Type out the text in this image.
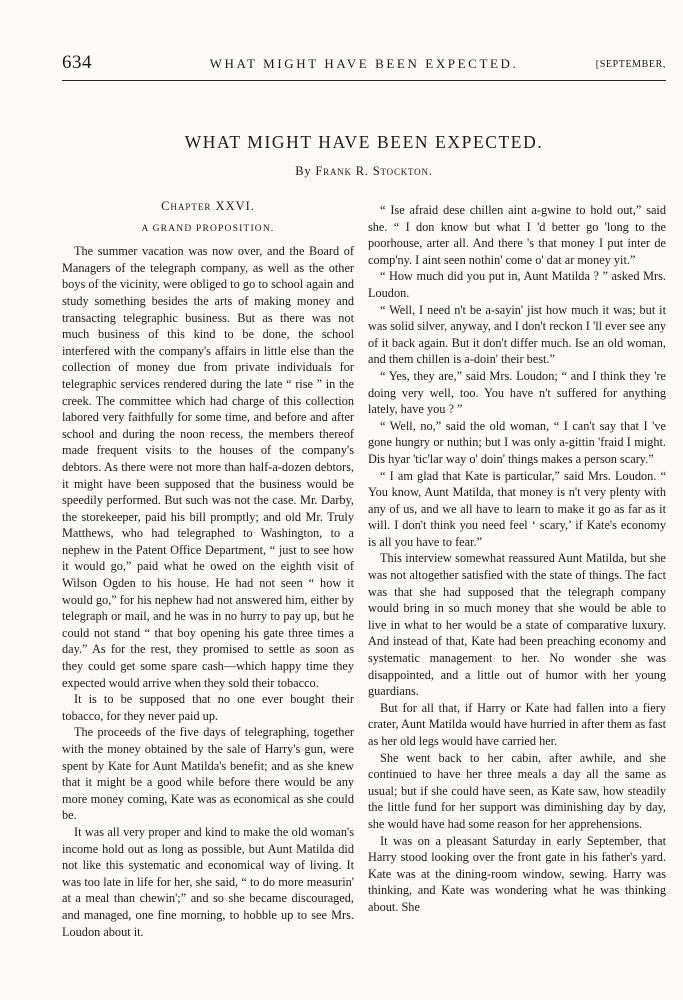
634	WHAT MIGHT HAVE BEEN EXPECTED.	[SEPTEMBER,
WHAT MIGHT HAVE BEEN EXPECTED.
By Frank R. Stockton.
Chapter XXVI.
A GRAND PROPOSITION.

The summer vacation was now over, and the Board of Managers of the telegraph company, as well as the other boys of the vicinity, were obliged to go to school again and study something besides the arts of making money and transacting telegraphic business. But as there was not much business of this kind to be done, the school interfered with the company's affairs in little else than the collection of money due from private individuals for telegraphic services rendered during the late “ rise ” in the creek. The committee which had charge of this collection labored very faithfully for some time, and before and after school and during the noon recess, the members thereof made frequent visits to the houses of the company's debtors. As there were not more than half-a-dozen debtors, it might have been supposed that the business would be speedily performed. But such was not the case. Mr. Darby, the storekeeper, paid his bill promptly; and old Mr. Truly Matthews, who had telegraphed to Washington, to a nephew in the Patent Office Department, “ just to see how it would go,” paid what he owed on the eighth visit of Wilson Ogden to his house. He had not seen “ how it would go,” for his nephew had not answered him, either by telegraph or mail, and he was in no hurry to pay up, but he could not stand “ that boy opening his gate three times a day.” As for the rest, they promised to settle as soon as they could get some spare cash—which happy time they expected would arrive when they sold their tobacco.

It is to be supposed that no one ever bought their tobacco, for they never paid up.

The proceeds of the five days of telegraphing, together with the money obtained by the sale of Harry's gun, were spent by Kate for Aunt Matilda's benefit; and as she knew that it might be a good while before there would be any more money coming, Kate was as economical as she could be.

It was all very proper and kind to make the old woman's income hold out as long as possible, but Aunt Matilda did not like this systematic and economical way of living. It was too late in life for her, she said, “ to do more measurin' at a meal than chewin';” and so she became discouraged, and managed, one fine morning, to hobble up to see Mrs. Loudon about it.

“ Ise afraid dese chillen aint a-gwine to hold out,” said she. “ I don know but what I 'd better go 'long to the poorhouse, arter all. And there 's that money I put inter de comp'ny. I aint seen nothin' come o' dat ar money yit.”

“ How much did you put in, Aunt Matilda ? ” asked Mrs. Loudon.

“ Well, I need n't be a-sayin' jist how much it was; but it was solid silver, anyway, and I don't reckon I 'll ever see any of it back again. But it don't differ much. Ise an old woman, and them chillen is a-doin' their best.”

“ Yes, they are,” said Mrs. Loudon; “ and I think they 're doing very well, too. You have n't suffered for anything lately, have you ? ”

“ Well, no,” said the old woman, “ I can't say that I 've gone hungry or nuthin; but I was only a-gittin 'fraid I might. Dis hyar 'tic'lar way o' doin' things makes a person scary.”

“ I am glad that Kate is particular,” said Mrs. Loudon. “ You know, Aunt Matilda, that money is n't very plenty with any of us, and we all have to learn to make it go as far as it will. I don't think you need feel ‘ scary,’ if Kate's economy is all you have to fear.”

This interview somewhat reassured Aunt Matilda, but she was not altogether satisfied with the state of things. The fact was that she had supposed that the telegraph company would bring in so much money that she would be able to live in what to her would be a state of comparative luxury. And instead of that, Kate had been preaching economy and systematic management to her. No wonder she was disappointed, and a little out of humor with her young guardians.

But for all that, if Harry or Kate had fallen into a fiery crater, Aunt Matilda would have hurried in after them as fast as her old legs would have carried her.

She went back to her cabin, after awhile, and she continued to have her three meals a day all the same as usual; but if she could have seen, as Kate saw, how steadily the little fund for her support was diminishing day by day, she would have had some reason for her apprehensions.

It was on a pleasant Saturday in early September, that Harry stood looking over the front gate in his father's yard. Kate was at the dining-room window, sewing. Harry was thinking, and Kate was wondering what he was thinking about. She
